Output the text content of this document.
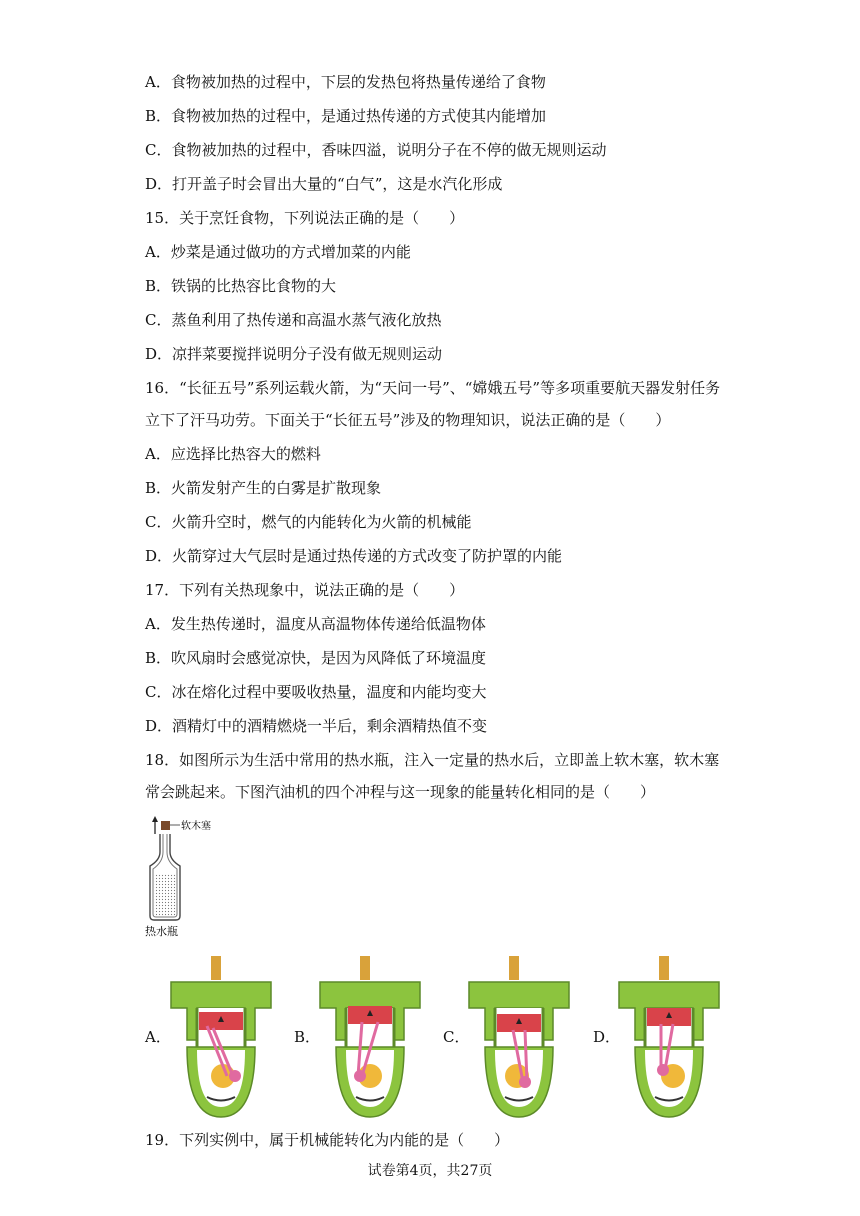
A．食物被加热的过程中，下层的发热包将热量传递给了食物
B．食物被加热的过程中，是通过热传递的方式使其内能增加
C．食物被加热的过程中，香味四溢，说明分子在不停的做无规则运动
D．打开盖子时会冒出大量的“白气”，这是水汽化形成
15．关于烹饪食物，下列说法正确的是（　　）
A．炒菜是通过做功的方式增加菜的内能
B．铁锅的比热容比食物的大
C．蒸鱼利用了热传递和高温水蒸气液化放热
D．凉拌菜要搅拌说明分子没有做无规则运动
16．“长征五号”系列运载火箭，为“天问一号”、“嫦娥五号”等多项重要航天器发射任务
立下了汗马功劳。下面关于“长征五号”涉及的物理知识，说法正确的是（　　）
A．应选择比热容大的燃料
B．火箭发射产生的白雾是扩散现象
C．火箭升空时，燃气的内能转化为火箭的机械能
D．火箭穿过大气层时是通过热传递的方式改变了防护罩的内能
17．下列有关热现象中，说法正确的是（　　）
A．发生热传递时，温度从高温物体传递给低温物体
B．吹风扇时会感觉凉快，是因为风降低了环境温度
C．冰在熔化过程中要吸收热量，温度和内能均变大
D．酒精灯中的酒精燃烧一半后，剩余酒精热值不变
18．如图所示为生活中常用的热水瓶，注入一定量的热水后，立即盖上软木塞，软木塞
常会跳起来。下图汽油机的四个冲程与这一现象的能量转化相同的是（　　）
软木塞
热水瓶
A．	B．	C．	D．
19．下列实例中，属于机械能转化为内能的是（　　）
试卷第4页，共27页
